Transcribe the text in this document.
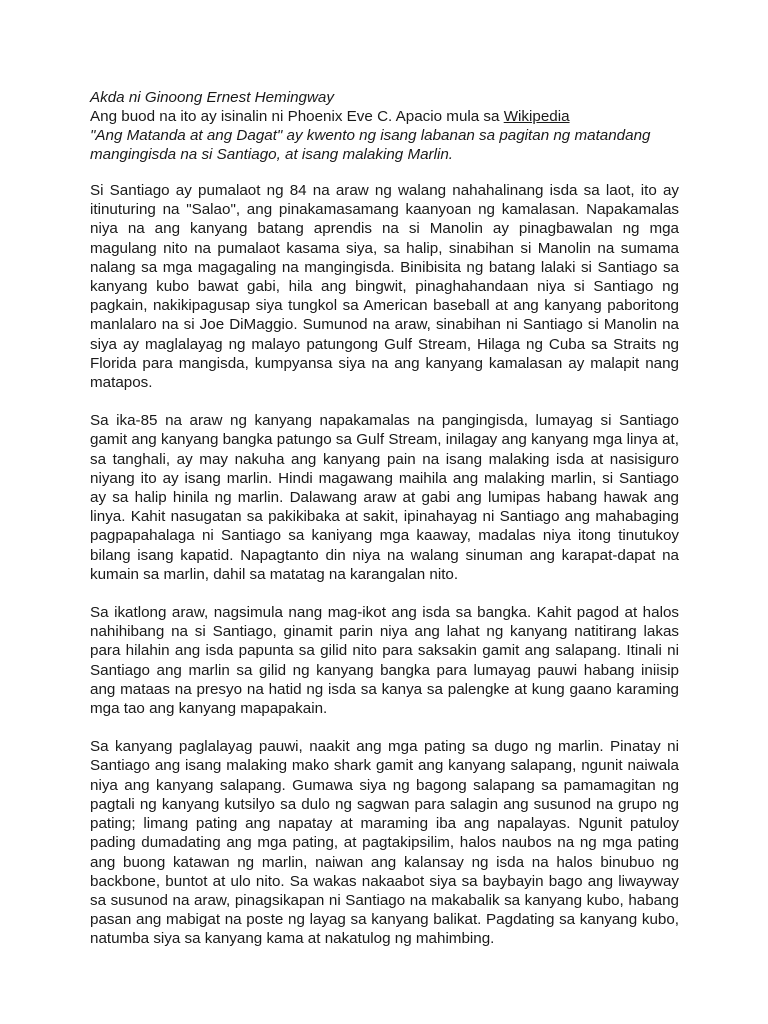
Akda ni Ginoong Ernest Hemingway

Ang buod na ito ay isinalin ni Phoenix Eve C. Apacio mula sa Wikipedia

"Ang Matanda at ang Dagat" ay kwento ng isang labanan sa pagitan ng matandang mangingisda na si Santiago, at isang malaking Marlin.

Si Santiago ay pumalaot ng 84 na araw ng walang nahahalinang isda sa laot, ito ay itinuturing na "Salao", ang pinakamasamang kaanyoan ng kamalasan. Napakamalas niya na ang kanyang batang aprendis na si Manolin ay pinagbawalan ng mga magulang nito na pumalaot kasama siya, sa halip, sinabihan si Manolin na sumama nalang sa mga magagaling na mangingisda. Binibisita ng batang lalaki si Santiago sa kanyang kubo bawat gabi, hila ang bingwit, pinaghahandaan niya si Santiago ng pagkain, nakikipagusap siya tungkol sa American baseball at ang kanyang paboritong manlalaro na si Joe DiMaggio. Sumunod na araw, sinabihan ni Santiago si Manolin na siya ay maglalayag ng malayo patungong Gulf Stream, Hilaga ng Cuba sa Straits ng Florida para mangisda, kumpyansa siya na ang kanyang kamalasan ay malapit nang matapos.

Sa ika-85 na araw ng kanyang napakamalas na pangingisda, lumayag si Santiago gamit ang kanyang bangka patungo sa Gulf Stream, inilagay ang kanyang mga linya at, sa tanghali, ay may nakuha ang kanyang pain na isang malaking isda at nasisiguro niyang ito ay isang marlin. Hindi magawang maihila ang malaking marlin, si Santiago ay sa halip hinila ng marlin. Dalawang araw at gabi ang lumipas habang hawak ang linya. Kahit nasugatan sa pakikibaka at sakit, ipinahayag ni Santiago ang mahabaging pagpapahalaga ni Santiago sa kaniyang mga kaaway, madalas niya itong tinutukoy bilang isang kapatid. Napagtanto din niya na walang sinuman ang karapat-dapat na kumain sa marlin, dahil sa matatag na karangalan nito.

Sa ikatlong araw, nagsimula nang mag-ikot ang isda sa bangka. Kahit pagod at halos nahihibang na si Santiago, ginamit parin niya ang lahat ng kanyang natitirang lakas para hilahin ang isda papunta sa gilid nito para saksakin gamit ang salapang. Itinali ni Santiago ang marlin sa gilid ng kanyang bangka para lumayag pauwi habang iniisip ang mataas na presyo na hatid ng isda sa kanya sa palengke at kung gaano karaming mga tao ang kanyang mapapakain.

Sa kanyang paglalayag pauwi, naakit ang mga pating sa dugo ng marlin. Pinatay ni Santiago ang isang malaking mako shark gamit ang kanyang salapang, ngunit naiwala niya ang kanyang salapang. Gumawa siya ng bagong salapang sa pamamagitan ng pagtali ng kanyang kutsilyo sa dulo ng sagwan para salagin ang susunod na grupo ng pating; limang pating ang napatay at maraming iba ang napalayas. Ngunit patuloy pading dumadating ang mga pating, at pagtakipsilim, halos naubos na ng mga pating ang buong katawan ng marlin, naiwan ang kalansay ng isda na halos binubuo ng backbone, buntot at ulo nito. Sa wakas nakaabot siya sa baybayin bago ang liwayway sa susunod na araw, pinagsikapan ni Santiago na makabalik sa kanyang kubo, habang pasan ang mabigat na poste ng layag sa kanyang balikat. Pagdating sa kanyang kubo, natumba siya sa kanyang kama at nakatulog ng mahimbing.
